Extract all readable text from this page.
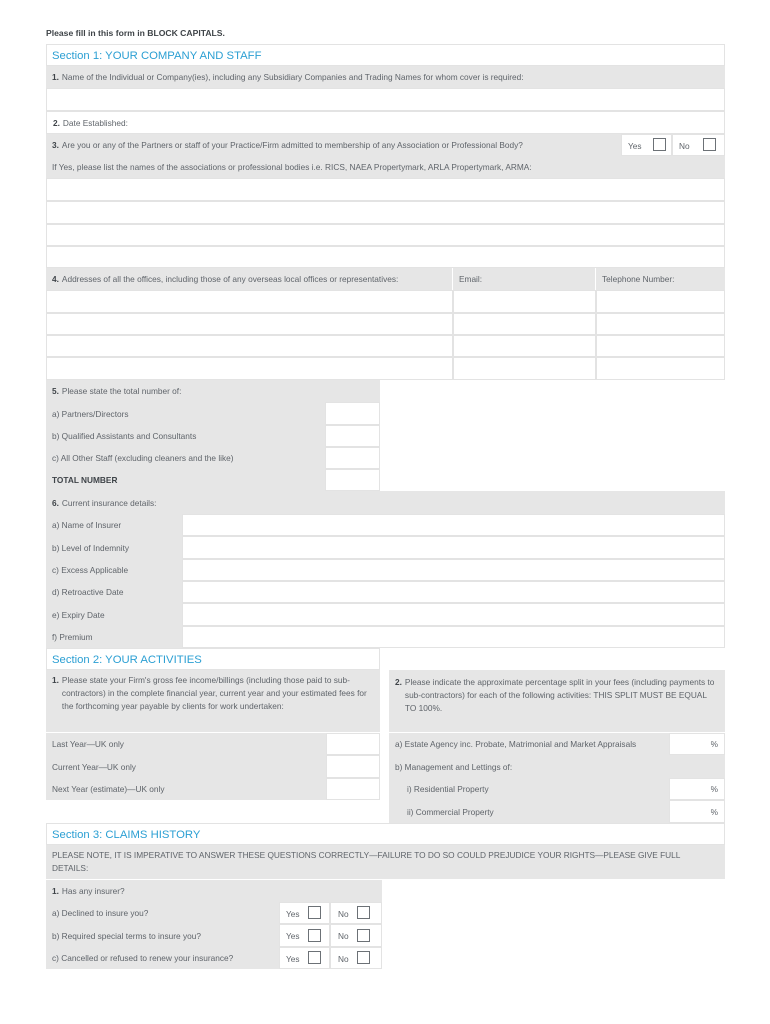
Please fill in this form in BLOCK CAPITALS.
Section 1: YOUR COMPANY AND STAFF
1. Name of the Individual or Company(ies), including any Subsidiary Companies and Trading Names for whom cover is required:
2. Date Established:
3. Are you or any of the Partners or staff of your Practice/Firm admitted to membership of any Association or Professional Body?	Yes	No
If Yes, please list the names of the associations or professional bodies i.e. RICS, NAEA Propertymark, ARLA Propertymark, ARMA:
4. Addresses of all the offices, including those of any overseas local offices or representatives:	Email:	Telephone Number:
5. Please state the total number of:
a) Partners/Directors
b) Qualified Assistants and Consultants
c) All Other Staff (excluding cleaners and the like)
TOTAL NUMBER
6. Current insurance details:
a) Name of Insurer
b) Level of Indemnity
c) Excess Applicable
d) Retroactive Date
e) Expiry Date
f) Premium
Section 2: YOUR ACTIVITIES
1. Please state your Firm's gross fee income/billings (including those paid to sub-contractors) in the complete financial year, current year and your estimated fees for the forthcoming year payable by clients for work undertaken:
2. Please indicate the approximate percentage split in your fees (including payments to sub-contractors) for each of the following activities: THIS SPLIT MUST BE EQUAL TO 100%.
Last Year—UK only
Current Year—UK only
Next Year (estimate)—UK only
a) Estate Agency inc. Probate, Matrimonial and Market Appraisals	%
b) Management and Lettings of:
i) Residential Property	%
ii) Commercial Property	%
Section 3: CLAIMS HISTORY
PLEASE NOTE, IT IS IMPERATIVE TO ANSWER THESE QUESTIONS CORRECTLY—FAILURE TO DO SO COULD PREJUDICE YOUR RIGHTS—PLEASE GIVE FULL DETAILS:
1. Has any insurer?
a) Declined to insure you?	Yes	No
b) Required special terms to insure you?	Yes	No
c) Cancelled or refused to renew your insurance?	Yes	No
